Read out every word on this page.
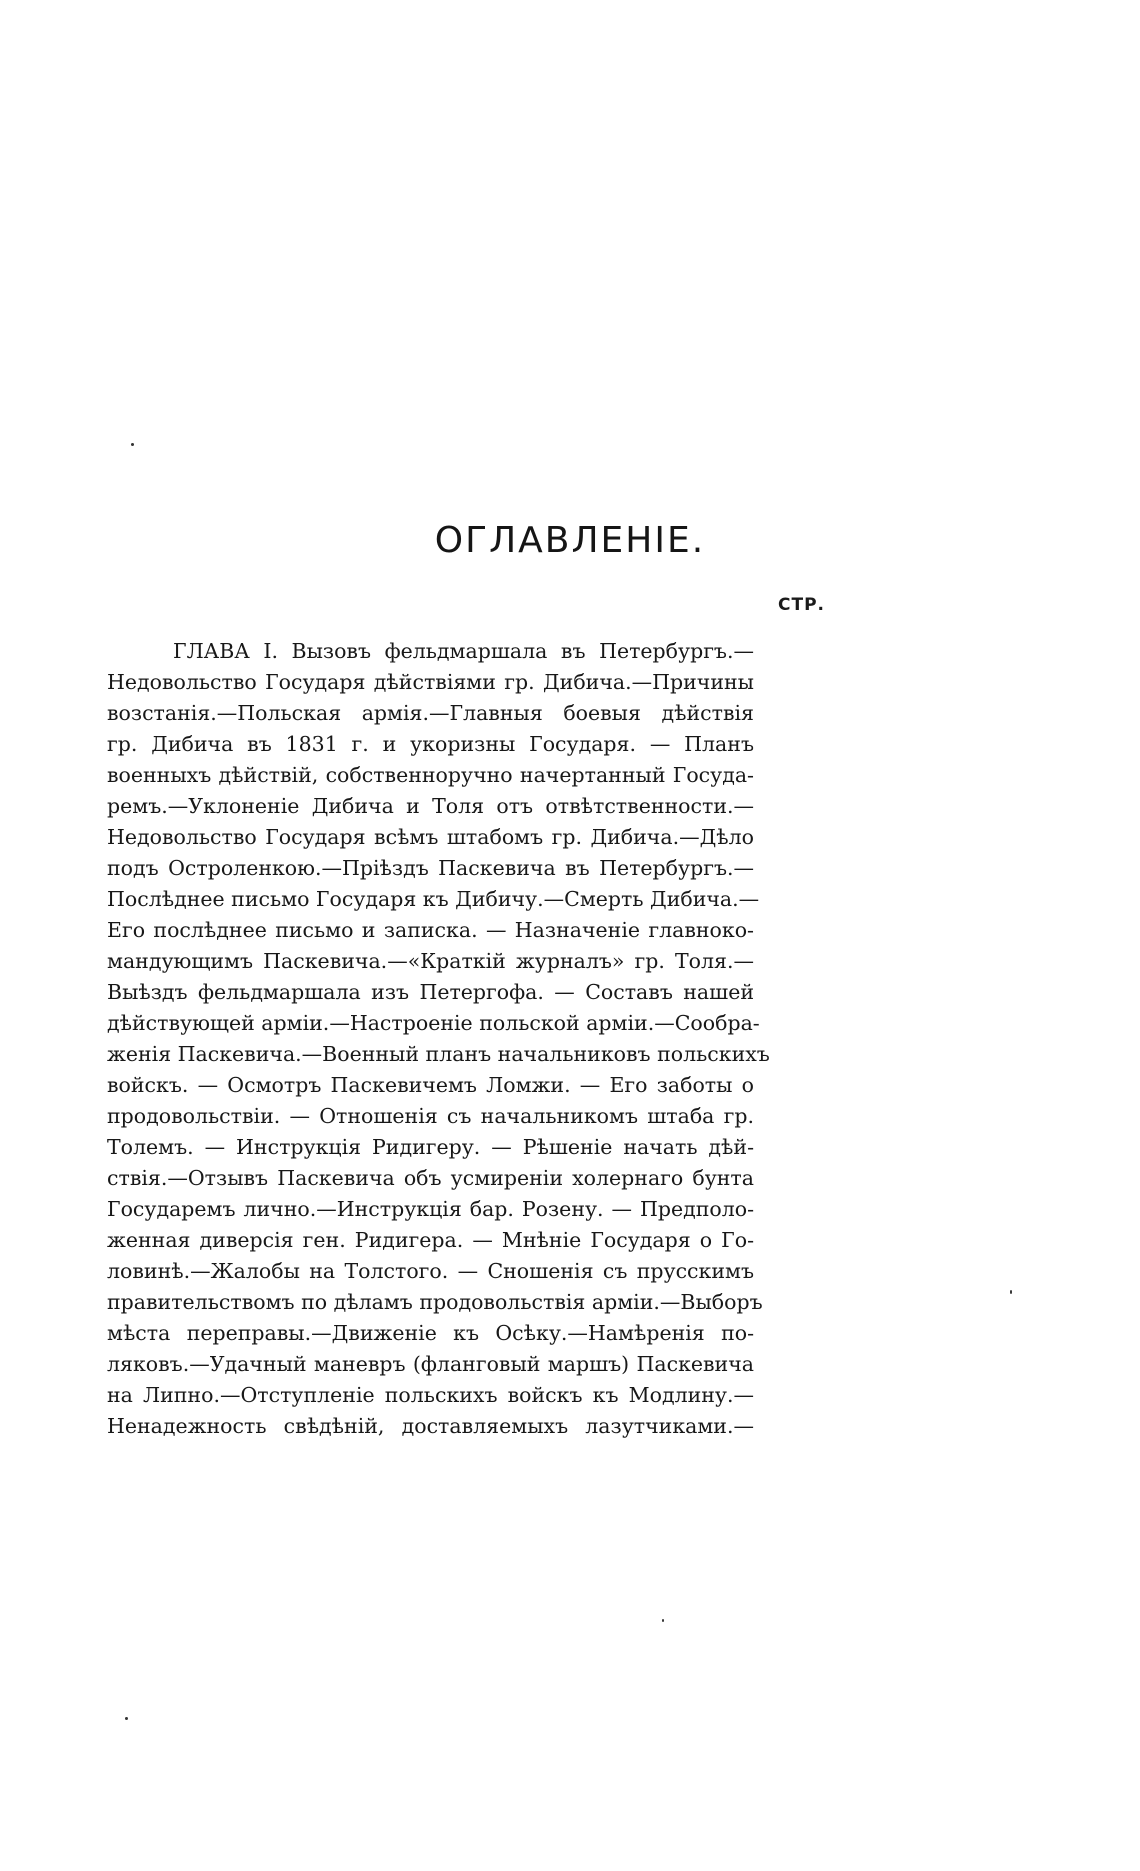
ОГЛАВЛЕНІЕ.
СТР.
ГЛАВА I. Вызовъ фельдмаршала въ Петербургъ.—
Недовольство Государя дѣйствіями гр. Дибича.—Причины
возстанія.—Польская армія.—Главныя боевыя дѣйствія
гр. Дибича въ 1831 г. и укоризны Государя. — Планъ
военныхъ дѣйствій, собственноручно начертанный Госуда-
ремъ.—Уклоненіе Дибича и Толя отъ отвѣтственности.—
Недовольство Государя всѣмъ штабомъ гр. Дибича.—Дѣло
подъ Остроленкою.—Пріѣздъ Паскевича въ Петербургъ.—
Послѣднее письмо Государя къ Дибичу.—Смерть Дибича.—
Его послѣднее письмо и записка. — Назначеніе главноко-
мандующимъ Паскевича.—«Краткій журналъ» гр. Толя.—
Выѣздъ фельдмаршала изъ Петергофа. — Составъ нашей
дѣйствующей арміи.—Настроеніе польской арміи.—Сообра-
женія Паскевича.—Военный планъ начальниковъ польскихъ
войскъ. — Осмотръ Паскевичемъ Ломжи. — Его заботы о
продовольствіи. — Отношенія съ начальникомъ штаба гр.
Толемъ. — Инструкція Ридигеру. — Рѣшеніе начать дѣй-
ствія.—Отзывъ Паскевича объ усмиреніи холернаго бунта
Государемъ лично.—Инструкція бар. Розену. — Предполо-
женная диверсія ген. Ридигера. — Мнѣніе Государя о Го-
ловинѣ.—Жалобы на Толстого. — Сношенія съ прусскимъ
правительствомъ по дѣламъ продовольствія арміи.—Выборъ
мѣста переправы.—Движеніе къ Осѣку.—Намѣренія по-
ляковъ.—Удачный маневръ (фланговый маршъ) Паскевича
на Липно.—Отступленіе польскихъ войскъ къ Модлину.—
Ненадежность свѣдѣній, доставляемыхъ лазутчиками.—
